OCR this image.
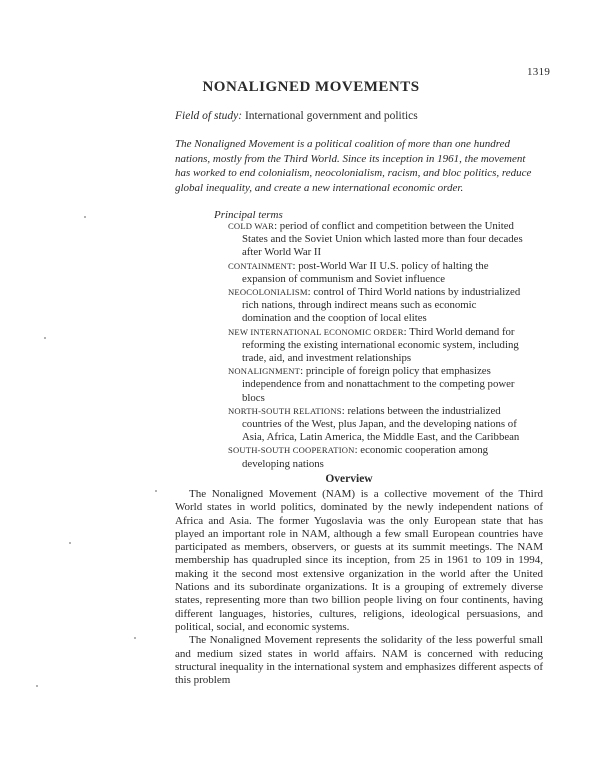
1319
NONALIGNED MOVEMENTS
Field of study: International government and politics

The Nonaligned Movement is a political coalition of more than one hundred nations, mostly from the Third World. Since its inception in 1961, the movement has worked to end colonialism, neocolonialism, racism, and bloc politics, reduce global inequality, and create a new international economic order.

Principal terms
COLD WAR: period of conflict and competition between the United States and the Soviet Union which lasted more than four decades after World War II
CONTAINMENT: post-World War II U.S. policy of halting the expansion of communism and Soviet influence
NEOCOLONIALISM: control of Third World nations by industrialized rich nations, through indirect means such as economic domination and the cooption of local elites
NEW INTERNATIONAL ECONOMIC ORDER: Third World demand for reforming the existing international economic system, including trade, aid, and investment relationships
NONALIGNMENT: principle of foreign policy that emphasizes independence from and nonattachment to the competing power blocs
NORTH-SOUTH RELATIONS: relations between the industrialized countries of the West, plus Japan, and the developing nations of Asia, Africa, Latin America, the Middle East, and the Caribbean
SOUTH-SOUTH COOPERATION: economic cooperation among developing nations
Overview

The Nonaligned Movement (NAM) is a collective movement of the Third World states in world politics, dominated by the newly independent nations of Africa and Asia. The former Yugoslavia was the only European state that has played an important role in NAM, although a few small European countries have participated as members, observers, or guests at its summit meetings. The NAM membership has quadrupled since its inception, from 25 in 1961 to 109 in 1994, making it the second most extensive organization in the world after the United Nations and its subordinate organizations. It is a grouping of extremely diverse states, representing more than two billion people living on four continents, having different languages, histories, cultures, religions, ideological persuasions, and political, social, and economic systems.

The Nonaligned Movement represents the solidarity of the less powerful small and medium sized states in world affairs. NAM is concerned with reducing structural inequality in the international system and emphasizes different aspects of this problem
